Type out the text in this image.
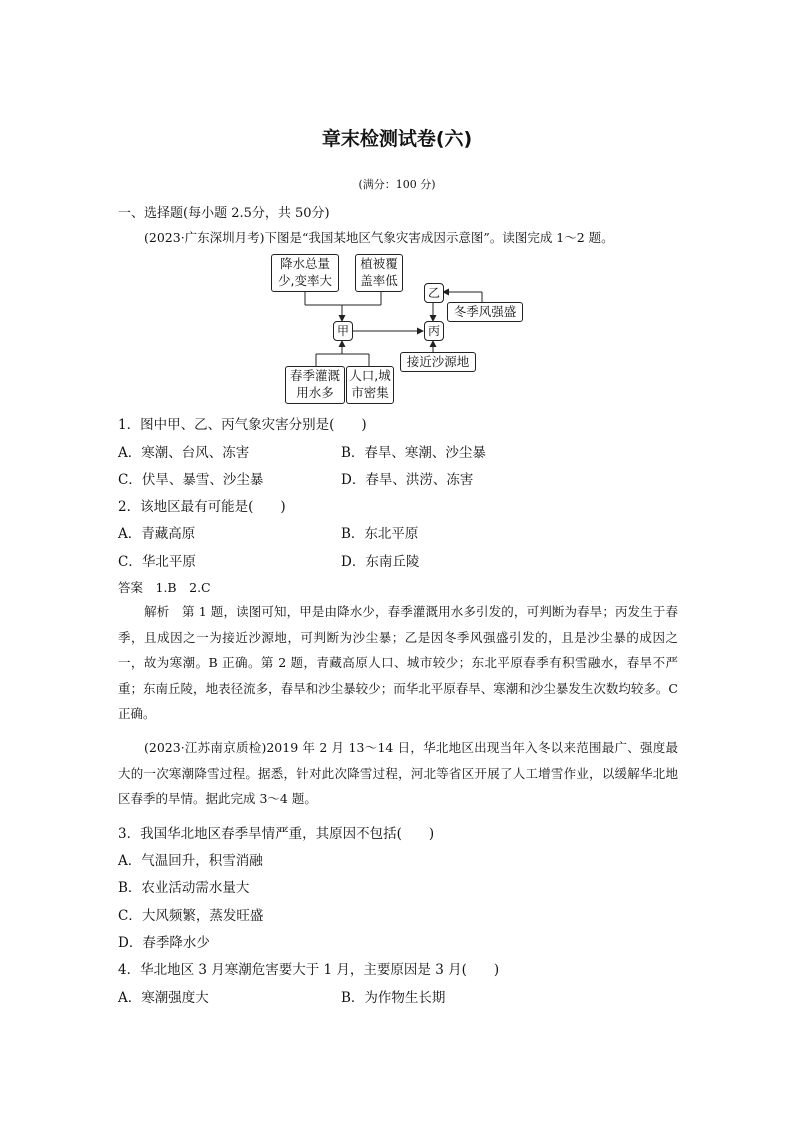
章末检测试卷(六)
(满分：100 分)
一、选择题(每小题 2.5分，共 50分)
(2023·广东深圳月考)下图是“我国某地区气象灾害成因示意图”。读图完成 1～2 题。
降水总量
少,变率大
植被覆
盖率低
甲
乙
丙
冬季风强盛
接近沙源地
春季灌溉
用水多
人口,城
市密集
1．图中甲、乙、丙气象灾害分别是(　　)
A．寒潮、台风、冻害	B．春旱、寒潮、沙尘暴
C．伏旱、暴雪、沙尘暴	D．春旱、洪涝、冻害
2．该地区最有可能是(　　)
A．青藏高原	B．东北平原
C．华北平原	D．东南丘陵
答案　1.B　2.C
解析　第 1 题，读图可知，甲是由降水少，春季灌溉用水多引发的，可判断为春旱；丙发生于春季，且成因之一为接近沙源地，可判断为沙尘暴；乙是因冬季风强盛引发的，且是沙尘暴的成因之一，故为寒潮。B 正确。第 2 题，青藏高原人口、城市较少；东北平原春季有积雪融水，春旱不严重；东南丘陵，地表径流多，春旱和沙尘暴较少；而华北平原春旱、寒潮和沙尘暴发生次数均较多。C 正确。
(2023·江苏南京质检)2019 年 2 月 13～14 日，华北地区出现当年入冬以来范围最广、强度最大的一次寒潮降雪过程。据悉，针对此次降雪过程，河北等省区开展了人工增雪作业，以缓解华北地区春季的旱情。据此完成 3～4 题。
3．我国华北地区春季旱情严重，其原因不包括(　　)
A．气温回升，积雪消融
B．农业活动需水量大
C．大风频繁，蒸发旺盛
D．春季降水少
4．华北地区 3 月寒潮危害要大于 1 月，主要原因是 3 月(　　)
A．寒潮强度大	B．为作物生长期
